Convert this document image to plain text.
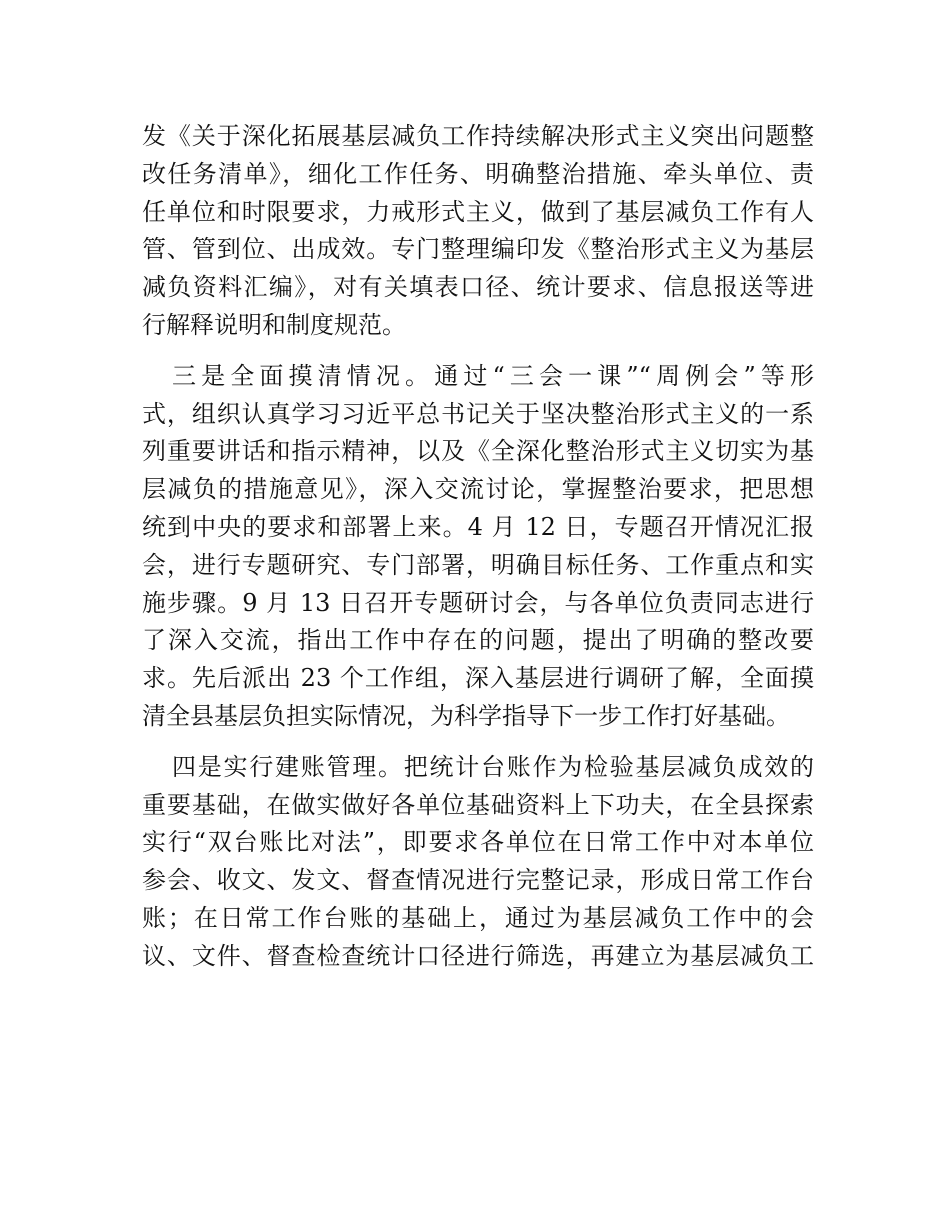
发《关于深化拓展基层减负工作持续解决形式主义突出问题整
改任务清单》，细化工作任务、明确整治措施、牵头单位、责
任单位和时限要求，力戒形式主义，做到了基层减负工作有人
管、管到位、出成效。专门整理编印发《整治形式主义为基层
减负资料汇编》，对有关填表口径、统计要求、信息报送等进
行解释说明和制度规范。
三是全面摸清情况。通过“三会一课”“周例会”等形
式，组织认真学习习近平总书记关于坚决整治形式主义的一系
列重要讲话和指示精神，以及《全深化整治形式主义切实为基
层减负的措施意见》，深入交流讨论，掌握整治要求，把思想
统到中央的要求和部署上来。4 月 12 日，专题召开情况汇报
会，进行专题研究、专门部署，明确目标任务、工作重点和实
施步骤。9 月 13 日召开专题研讨会，与各单位负责同志进行
了深入交流，指出工作中存在的问题，提出了明确的整改要
求。先后派出 23 个工作组，深入基层进行调研了解，全面摸
清全县基层负担实际情况，为科学指导下一步工作打好基础。
四是实行建账管理。把统计台账作为检验基层减负成效的
重要基础，在做实做好各单位基础资料上下功夫，在全县探索
实行“双台账比对法”，即要求各单位在日常工作中对本单位
参会、收文、发文、督查情况进行完整记录，形成日常工作台
账；在日常工作台账的基础上，通过为基层减负工作中的会
议、文件、督查检查统计口径进行筛选，再建立为基层减负工
